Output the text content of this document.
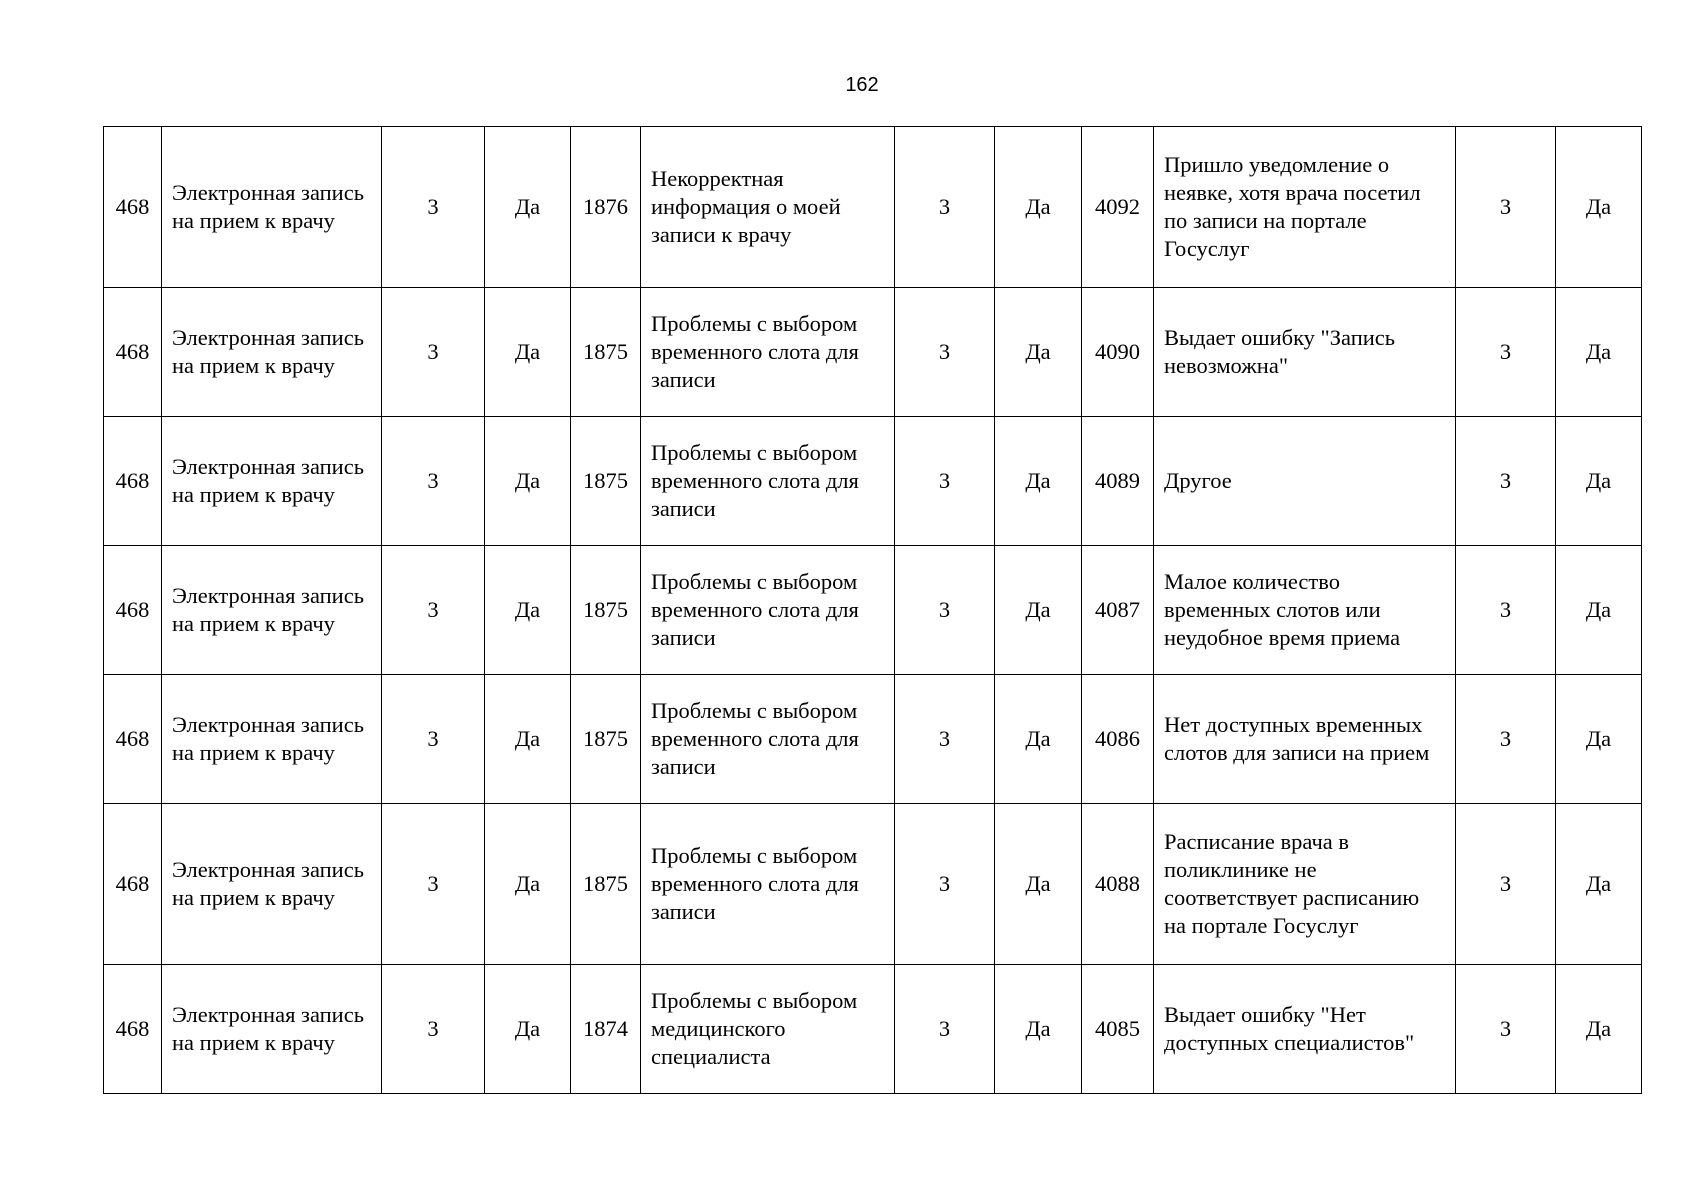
162
468	Электронная запись на прием к врачу	3	Да	1876	Некорректная информация о моей записи к врачу	3	Да	4092	Пришло уведомление о неявке, хотя врача посетил по записи на портале Госуслуг	3	Да
468	Электронная запись на прием к врачу	3	Да	1875	Проблемы с выбором временного слота для записи	3	Да	4090	Выдает ошибку "Запись невозможна"	3	Да
468	Электронная запись на прием к врачу	3	Да	1875	Проблемы с выбором временного слота для записи	3	Да	4089	Другое	3	Да
468	Электронная запись на прием к врачу	3	Да	1875	Проблемы с выбором временного слота для записи	3	Да	4087	Малое количество временных слотов или неудобное время приема	3	Да
468	Электронная запись на прием к врачу	3	Да	1875	Проблемы с выбором временного слота для записи	3	Да	4086	Нет доступных временных слотов для записи на прием	3	Да
468	Электронная запись на прием к врачу	3	Да	1875	Проблемы с выбором временного слота для записи	3	Да	4088	Расписание врача в поликлинике не соответствует расписанию на портале Госуслуг	3	Да
468	Электронная запись на прием к врачу	3	Да	1874	Проблемы с выбором медицинского специалиста	3	Да	4085	Выдает ошибку "Нет доступных специалистов"	3	Да
